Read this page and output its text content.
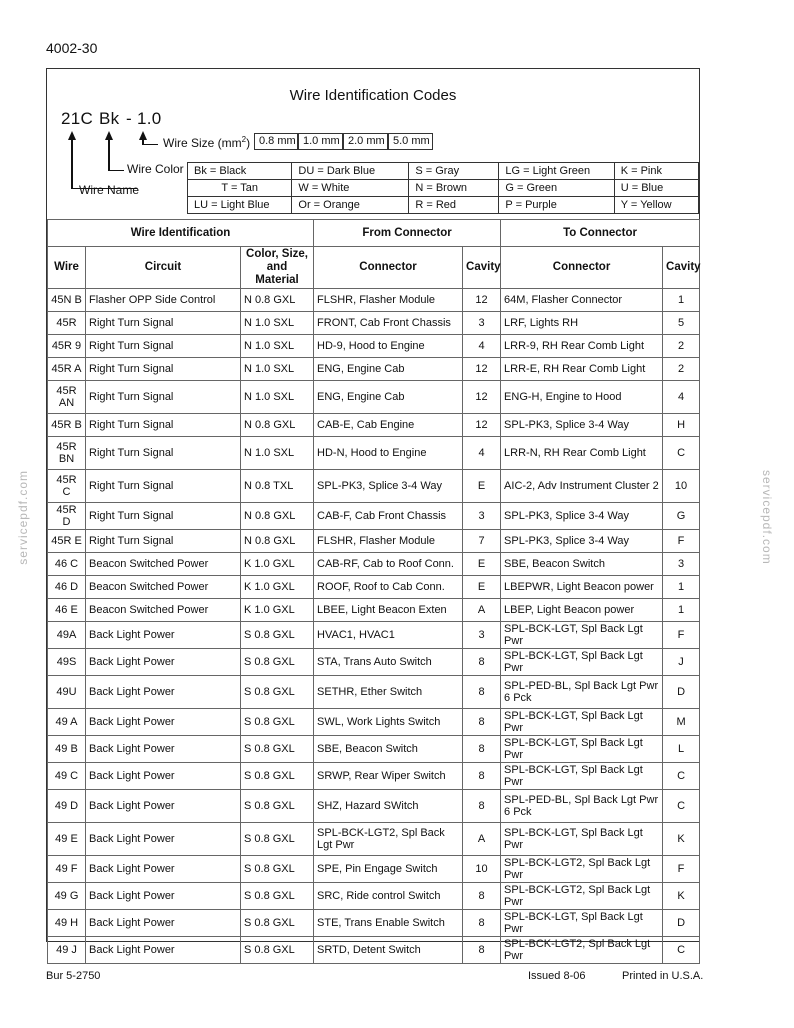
4002-30
servicepdf.com	servicepdf.com
Wire Identification Codes
21C Bk - 1.0
Wire Size $(mm^2)$ 0.8 mm 1.0 mm 2.0 mm 5.0 mm
Wire Color
Wire Name
Bk = Black	DU = Dark Blue	S = Gray	LG = Light Green	K = Pink
T = Tan	W = White	N = Brown	G = Green	U = Blue
LU = Light Blue	Or = Orange	R = Red	P = Purple	Y = Yellow
Wire Identification			From Connector		To Connector	
Wire	Circuit	Color, Size, and Material	Connector	Cavity	Connector	Cavity
45N B	Flasher OPP Side Control	N 0.8 GXL	FLSHR, Flasher Module	12	64M, Flasher Connector	1
45R	Right Turn Signal	N 1.0 SXL	FRONT, Cab Front Chassis	3	LRF, Lights RH	5
45R 9	Right Turn Signal	N 1.0 SXL	HD-9, Hood to Engine	4	LRR-9, RH Rear Comb Light	2
45R A	Right Turn Signal	N 1.0 SXL	ENG, Engine Cab	12	LRR-E, RH Rear Comb Light	2
45R AN	Right Turn Signal	N 1.0 SXL	ENG, Engine Cab	12	ENG-H, Engine to Hood	4
45R B	Right Turn Signal	N 0.8 GXL	CAB-E, Cab Engine	12	SPL-PK3, Splice 3-4 Way	H
45R BN	Right Turn Signal	N 1.0 SXL	HD-N, Hood to Engine	4	LRR-N, RH Rear Comb Light	C
45R C	Right Turn Signal	N 0.8 TXL	SPL-PK3, Splice 3-4 Way	E	AIC-2, Adv Instrument Cluster 2	10
45R D	Right Turn Signal	N 0.8 GXL	CAB-F, Cab Front Chassis	3	SPL-PK3, Splice 3-4 Way	G
45R E	Right Turn Signal	N 0.8 GXL	FLSHR, Flasher Module	7	SPL-PK3, Splice 3-4 Way	F
46 C	Beacon Switched Power	K 1.0 GXL	CAB-RF, Cab to Roof Conn.	E	SBE, Beacon Switch	3
46 D	Beacon Switched Power	K 1.0 GXL	ROOF, Roof to Cab Conn.	E	LBEPWR, Light Beacon power	1
46 E	Beacon Switched Power	K 1.0 GXL	LBEE, Light Beacon Exten	A	LBEP, Light Beacon power	1
49A	Back Light Power	S 0.8 GXL	HVAC1, HVAC1	3	SPL-BCK-LGT, Spl Back Lgt Pwr	F
49S	Back Light Power	S 0.8 GXL	STA, Trans Auto Switch	8	SPL-BCK-LGT, Spl Back Lgt Pwr	J
49U	Back Light Power	S 0.8 GXL	SETHR, Ether Switch	8	SPL-PED-BL, Spl Back Lgt Pwr 6 Pck	D
49 A	Back Light Power	S 0.8 GXL	SWL, Work Lights Switch	8	SPL-BCK-LGT, Spl Back Lgt Pwr	M
49 B	Back Light Power	S 0.8 GXL	SBE, Beacon Switch	8	SPL-BCK-LGT, Spl Back Lgt Pwr	L
49 C	Back Light Power	S 0.8 GXL	SRWP, Rear Wiper Switch	8	SPL-BCK-LGT, Spl Back Lgt Pwr	C
49 D	Back Light Power	S 0.8 GXL	SHZ, Hazard SWitch	8	SPL-PED-BL, Spl Back Lgt Pwr 6 Pck	C
49 E	Back Light Power	S 0.8 GXL	SPL-BCK-LGT2, Spl Back Lgt Pwr	A	SPL-BCK-LGT, Spl Back Lgt Pwr	K
49 F	Back Light Power	S 0.8 GXL	SPE, Pin Engage Switch	10	SPL-BCK-LGT2, Spl Back Lgt Pwr	F
49 G	Back Light Power	S 0.8 GXL	SRC, Ride control Switch	8	SPL-BCK-LGT2, Spl Back Lgt Pwr	K
49 H	Back Light Power	S 0.8 GXL	STE, Trans Enable Switch	8	SPL-BCK-LGT, Spl Back Lgt Pwr	D
49 J	Back Light Power	S 0.8 GXL	SRTD, Detent Switch	8	SPL-BCK-LGT2, Spl Back Lgt Pwr	C
Bur 5-2750	Issued 8-06	Printed in U.S.A.
